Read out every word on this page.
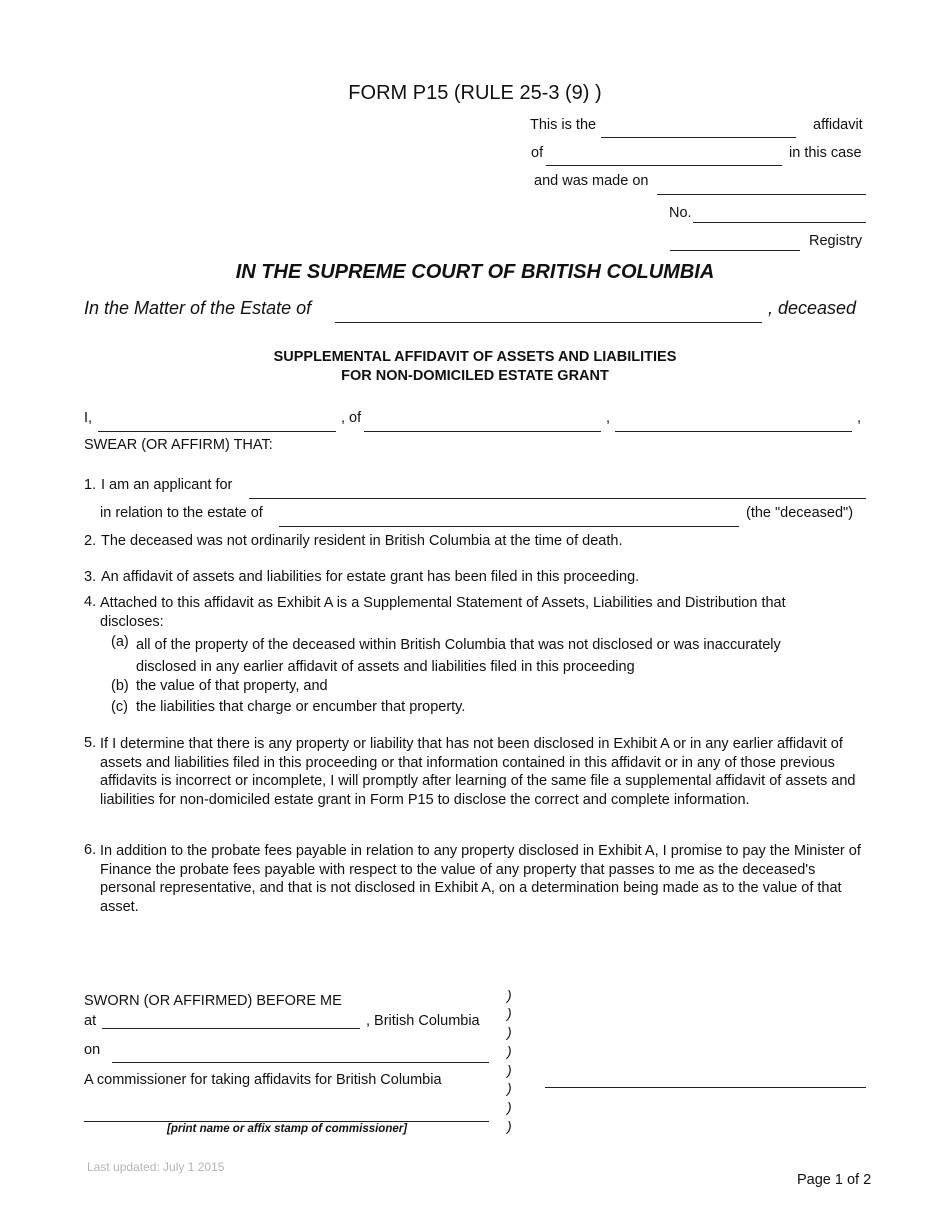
FORM P15 (RULE 25-3 (9) )
This is the	affidavit
of	in this case
and was made on
No.
Registry
IN THE SUPREME COURT OF BRITISH COLUMBIA
In the Matter of the Estate of	, deceased
SUPPLEMENTAL AFFIDAVIT OF ASSETS AND LIABILITIES
FOR NON-DOMICILED ESTATE GRANT
I,	, of	,	,
SWEAR (OR AFFIRM) THAT:
1. I am an applicant for
in relation to the estate of	(the "deceased")
2. The deceased was not ordinarily resident in British Columbia at the time of death.
3. An affidavit of assets and liabilities for estate grant has been filed in this proceeding.
4. Attached to this affidavit as Exhibit A is a Supplemental Statement of Assets, Liabilities and Distribution that discloses:
(a) all of the property of the deceased within British Columbia that was not disclosed or was inaccurately disclosed in any earlier affidavit of assets and liabilities filed in this proceeding
(b) the value of that property, and
(c) the liabilities that charge or encumber that property.
5. If I determine that there is any property or liability that has not been disclosed in Exhibit A or in any earlier affidavit of assets and liabilities filed in this proceeding or that information contained in this affidavit or in any of those previous affidavits is incorrect or incomplete, I will promptly after learning of the same file a supplemental affidavit of assets and liabilities for non-domiciled estate grant in Form P15 to disclose the correct and complete information.
6. In addition to the probate fees payable in relation to any property disclosed in Exhibit A, I promise to pay the Minister of Finance the probate fees payable with respect to the value of any property that passes to me as the deceased's personal representative, and that is not disclosed in Exhibit A, on a determination being made as to the value of that asset.
SWORN (OR AFFIRMED) BEFORE ME
at	, British Columbia
on
A commissioner for taking affidavits for British Columbia
[print name or affix stamp of commissioner]
)
)
)
)
)
)
)
)
Last updated: July 1 2015
Page 1 of 2
